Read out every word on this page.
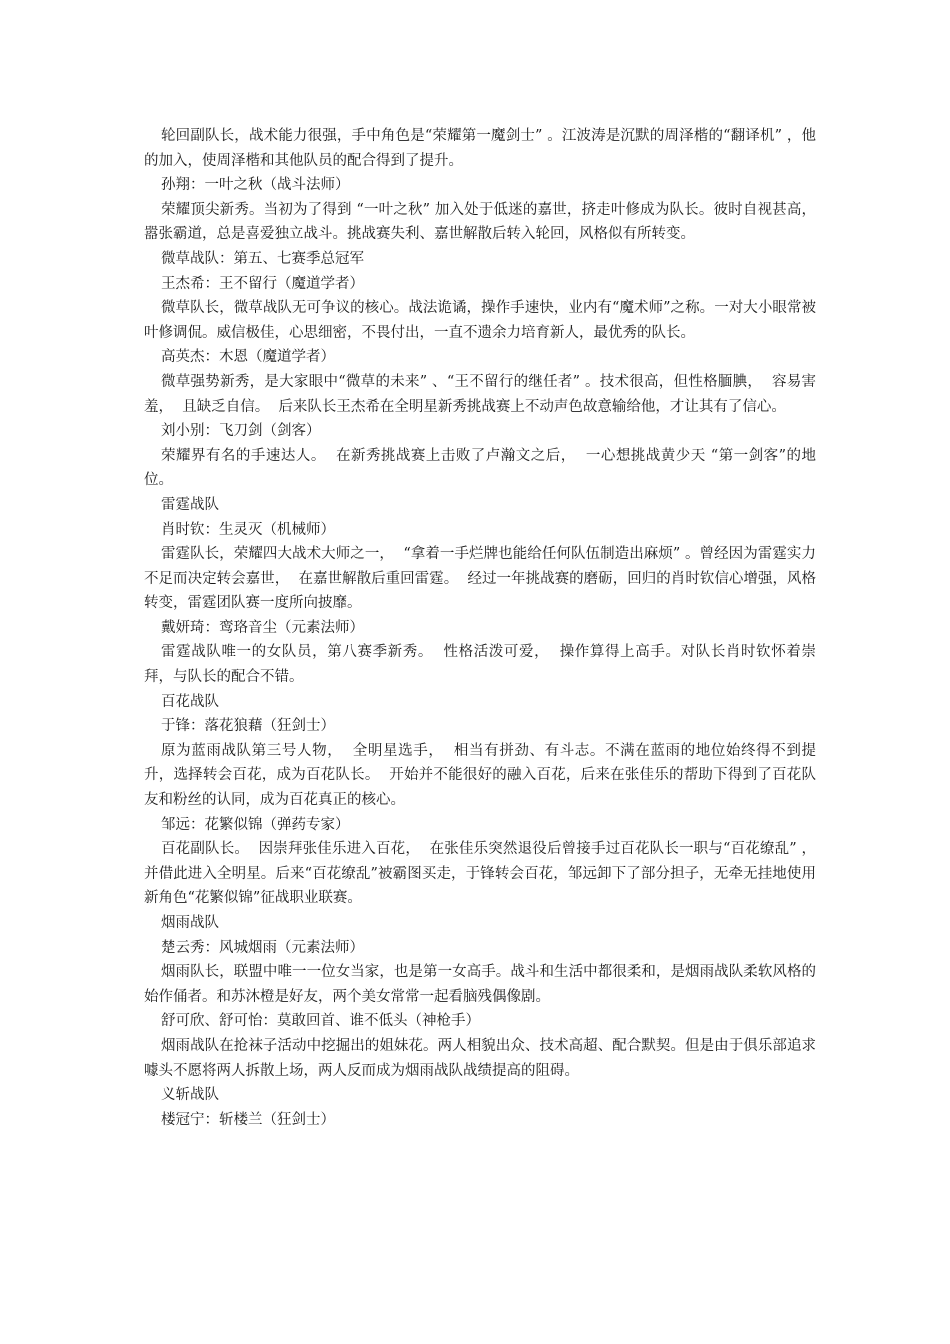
轮回副队长，战术能力很强，手中角色是“荣耀第一魔剑士” 。江波涛是沉默的周泽楷的“翻译机” ，他的加入，使周泽楷和其他队员的配合得到了提升。

孙翔：一叶之秋（战斗法师）

荣耀顶尖新秀。当初为了得到 “一叶之秋” 加入处于低迷的嘉世，挤走叶修成为队长。彼时自视甚高，嚣张霸道，总是喜爱独立战斗。挑战赛失利、嘉世解散后转入轮回，风格似有所转变。

微草战队：第五、七赛季总冠军

王杰希：王不留行（魔道学者）

微草队长，微草战队无可争议的核心。战法诡谲，操作手速快，业内有“魔术师”之称。一对大小眼常被叶修调侃。威信极佳，心思细密，不畏付出，一直不遗余力培育新人，最优秀的队长。

高英杰：木恩（魔道学者）

微草强势新秀，是大家眼中“微草的未来” 、“王不留行的继任者” 。技术很高，但性格腼腆，  容易害羞，  且缺乏自信。  后来队长王杰希在全明星新秀挑战赛上不动声色故意输给他，才让其有了信心。

刘小别：飞刀剑（剑客）

荣耀界有名的手速达人。  在新秀挑战赛上击败了卢瀚文之后，  一心想挑战黄少天 “第一剑客”的地位。

雷霆战队

肖时钦：生灵灭（机械师）

雷霆队长，荣耀四大战术大师之一，  “拿着一手烂牌也能给任何队伍制造出麻烦” 。曾经因为雷霆实力不足而决定转会嘉世，  在嘉世解散后重回雷霆。  经过一年挑战赛的磨砺，回归的肖时钦信心增强，风格转变，雷霆团队赛一度所向披靡。

戴妍琦：鸾珞音尘（元素法师）

雷霆战队唯一的女队员，第八赛季新秀。  性格活泼可爱，  操作算得上高手。对队长肖时钦怀着崇拜，与队长的配合不错。

百花战队

于锋：落花狼藉（狂剑士）

原为蓝雨战队第三号人物，  全明星选手，  相当有拼劲、有斗志。不满在蓝雨的地位始终得不到提升，选择转会百花，成为百花队长。  开始并不能很好的融入百花，后来在张佳乐的帮助下得到了百花队友和粉丝的认同，成为百花真正的核心。

邹远：花繁似锦（弹药专家）

百花副队长。  因崇拜张佳乐进入百花，  在张佳乐突然退役后曾接手过百花队长一职与“百花缭乱” ，并借此进入全明星。后来“百花缭乱”被霸图买走，于锋转会百花，邹远卸下了部分担子，无牵无挂地使用新角色“花繁似锦”征战职业联赛。

烟雨战队

楚云秀：风城烟雨（元素法师）

烟雨队长，联盟中唯一一位女当家，也是第一女高手。战斗和生活中都很柔和，是烟雨战队柔软风格的始作俑者。和苏沐橙是好友，两个美女常常一起看脑残偶像剧。

舒可欣、舒可怡：莫敢回首、谁不低头（神枪手）

烟雨战队在抢袜子活动中挖掘出的姐妹花。两人相貌出众、技术高超、配合默契。但是由于俱乐部追求噱头不愿将两人拆散上场，两人反而成为烟雨战队战绩提高的阻碍。

义斩战队

楼冠宁：斩楼兰（狂剑士）
